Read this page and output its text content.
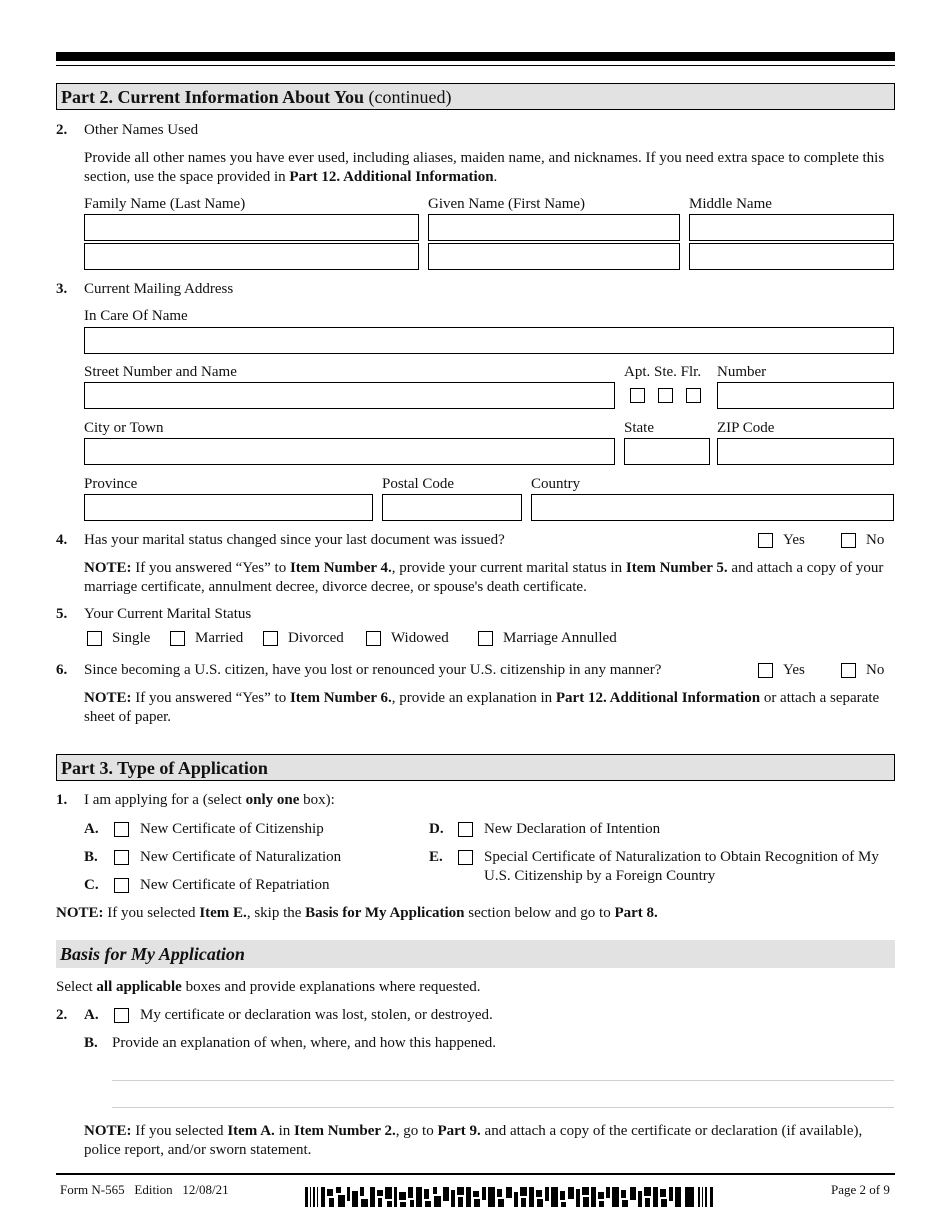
Part 2. Current Information About You (continued)
2. Other Names Used
Provide all other names you have ever used, including aliases, maiden name, and nicknames. If you need extra space to complete this section, use the space provided in Part 12. Additional Information.
Family Name (Last Name)	Given Name (First Name)	Middle Name
3. Current Mailing Address
In Care Of Name
Street Number and Name	Apt. Ste. Flr. Number
City or Town	State	ZIP Code
Province	Postal Code	Country
4. Has your marital status changed since your last document was issued?	Yes	No
NOTE: If you answered “Yes” to Item Number 4., provide your current marital status in Item Number 5. and attach a copy of your marriage certificate, annulment decree, divorce decree, or spouse's death certificate.
5. Your Current Marital Status
Single	Married	Divorced	Widowed	Marriage Annulled
6. Since becoming a U.S. citizen, have you lost or renounced your U.S. citizenship in any manner?	Yes	No
NOTE: If you answered “Yes” to Item Number 6., provide an explanation in Part 12. Additional Information or attach a separate sheet of paper.
Part 3. Type of Application
1. I am applying for a (select only one box):
A.	New Certificate of Citizenship
B.	New Certificate of Naturalization
C.	New Certificate of Repatriation
D.	New Declaration of Intention
E.	Special Certificate of Naturalization to Obtain Recognition of My U.S. Citizenship by a Foreign Country
NOTE: If you selected Item E., skip the Basis for My Application section below and go to Part 8.
Basis for My Application
Select all applicable boxes and provide explanations where requested.
2. A.	My certificate or declaration was lost, stolen, or destroyed.
B. Provide an explanation of when, where, and how this happened.
NOTE: If you selected Item A. in Item Number 2., go to Part 9. and attach a copy of the certificate or declaration (if available), police report, and/or sworn statement.
Form N-565   Edition   12/08/21	Page 2 of 9
